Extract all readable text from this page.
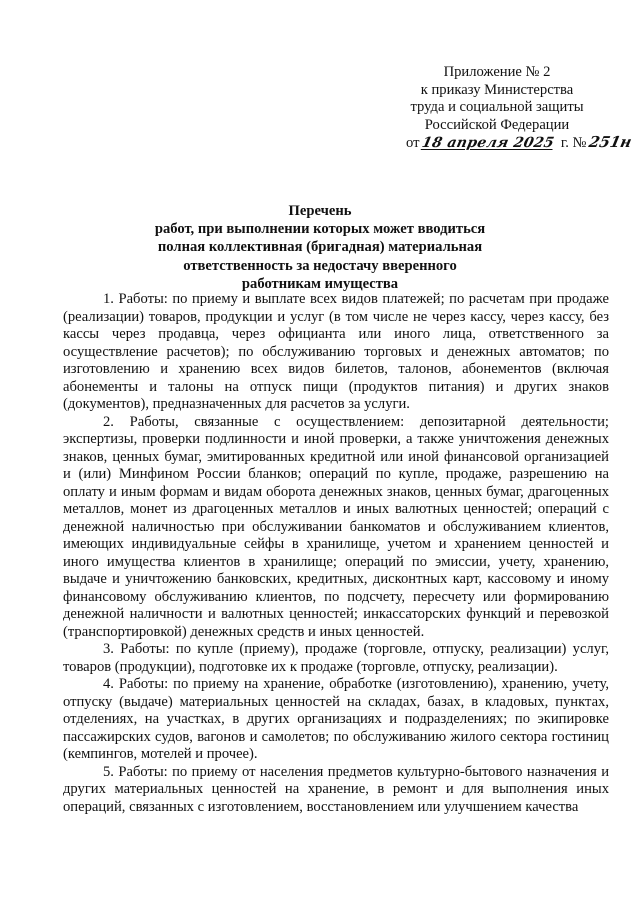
Приложение № 2
к приказу Министерства
труда и социальной защиты
Российской Федерации
от18 апреля 2025 г. №251н
Перечень
работ, при выполнении которых может вводиться
полная коллективная (бригадная) материальная
ответственность за недостачу вверенного
работникам имущества

1. Работы: по приему и выплате всех видов платежей; по расчетам при продаже (реализации) товаров, продукции и услуг (в том числе не через кассу, через кассу, без кассы через продавца, через официанта или иного лица, ответственного за осуществление расчетов); по обслуживанию торговых и денежных автоматов; по изготовлению и хранению всех видов билетов, талонов, абонементов (включая абонементы и талоны на отпуск пищи (продуктов питания) и других знаков (документов), предназначенных для расчетов за услуги.

2. Работы, связанные с осуществлением: депозитарной деятельности; экспертизы, проверки подлинности и иной проверки, а также уничтожения денежных знаков, ценных бумаг, эмитированных кредитной или иной финансовой организацией и (или) Минфином России бланков; операций по купле, продаже, разрешению на оплату и иным формам и видам оборота денежных знаков, ценных бумаг, драгоценных металлов, монет из драгоценных металлов и иных валютных ценностей; операций с денежной наличностью при обслуживании банкоматов и обслуживанием клиентов, имеющих индивидуальные сейфы в хранилище, учетом и хранением ценностей и иного имущества клиентов в хранилище; операций по эмиссии, учету, хранению, выдаче и уничтожению банковских, кредитных, дисконтных карт, кассовому и иному финансовому обслуживанию клиентов, по подсчету, пересчету или формированию денежной наличности и валютных ценностей; инкассаторских функций и перевозкой (транспортировкой) денежных средств и иных ценностей.

3. Работы: по купле (приему), продаже (торговле, отпуску, реализации) услуг, товаров (продукции), подготовке их к продаже (торговле, отпуску, реализации).

4. Работы: по приему на хранение, обработке (изготовлению), хранению, учету, отпуску (выдаче) материальных ценностей на складах, базах, в кладовых, пунктах, отделениях, на участках, в других организациях и подразделениях; по экипировке пассажирских судов, вагонов и самолетов; по обслуживанию жилого сектора гостиниц (кемпингов, мотелей и прочее).

5. Работы: по приему от населения предметов культурно-бытового назначения и других материальных ценностей на хранение, в ремонт и для выполнения иных операций, связанных с изготовлением, восстановлением или улучшением качества
